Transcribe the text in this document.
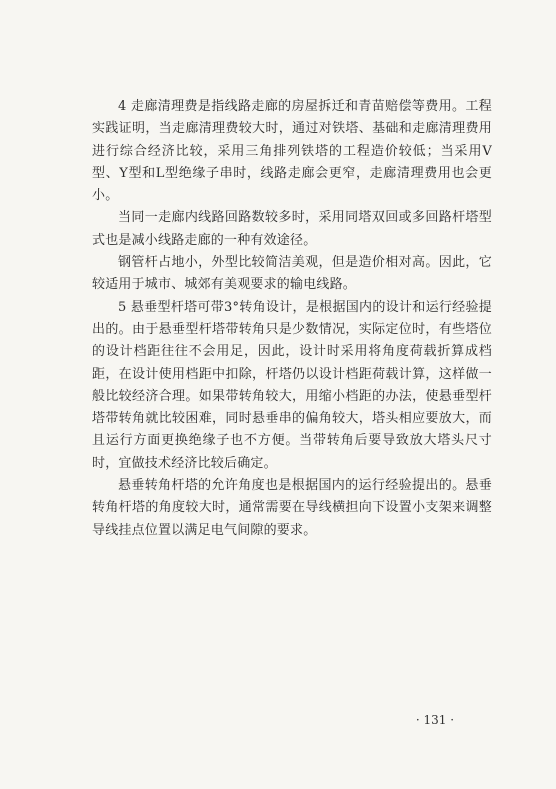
4 走廊清理费是指线路走廊的房屋拆迁和青苗赔偿等费用。工程实践证明，当走廊清理费较大时，通过对铁塔、基础和走廊清理费用进行综合经济比较，采用三角排列铁塔的工程造价较低；当采用V型、Y型和L型绝缘子串时，线路走廊会更窄，走廊清理费用也会更小。

当同一走廊内线路回路数较多时，采用同塔双回或多回路杆塔型式也是减小线路走廊的一种有效途径。

钢管杆占地小，外型比较简洁美观，但是造价相对高。因此，它较适用于城市、城郊有美观要求的输电线路。

5 悬垂型杆塔可带3°转角设计，是根据国内的设计和运行经验提出的。由于悬垂型杆塔带转角只是少数情况，实际定位时，有些塔位的设计档距往往不会用足，因此，设计时采用将角度荷载折算成档距，在设计使用档距中扣除，杆塔仍以设计档距荷载计算，这样做一般比较经济合理。如果带转角较大，用缩小档距的办法，使悬垂型杆塔带转角就比较困难，同时悬垂串的偏角较大，塔头相应要放大，而且运行方面更换绝缘子也不方便。当带转角后要导致放大塔头尺寸时，宜做技术经济比较后确定。

悬垂转角杆塔的允许角度也是根据国内的运行经验提出的。悬垂转角杆塔的角度较大时，通常需要在导线横担向下设置小支架来调整导线挂点位置以满足电气间隙的要求。

· 131 ·
